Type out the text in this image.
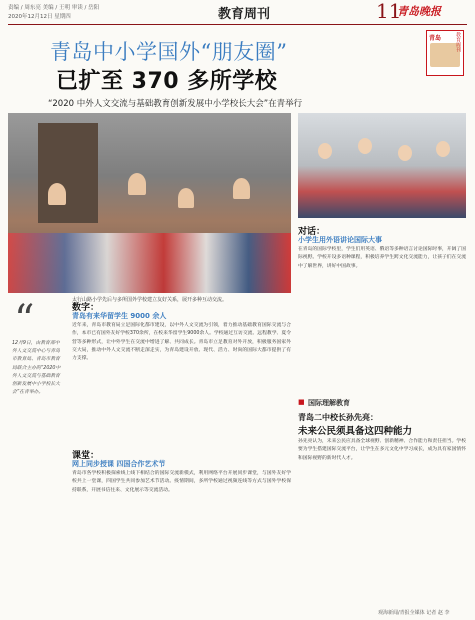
责编 / 周东亮 美编 / 王明 审读 / 岳阳
2020年12月12日 星期四	教育周刊	11
青岛晚报
青岛中小学国外“朋友圈”
已扩至 370 多所学校
“2020 中外人文交流与基础教育创新发展中小学校长大会”在青举行
青岛	教育周刊
太行山路小学先后与多所国外学校建立友好关系，展开多种互动交流。
“
12月9日，由教育部中外人文交流中心与青岛市教育局、青岛市教育局联合主办的“2020中外人文交流与基础教育创新发展中小学校长大会”在青举办。
数字：
青岛有来华留学生 9000 余人
近年来，青岛市教育局立足国际化都市建设，以中外人文交流为引领，着力推动基础教育国际交流与合作，本市已有国外友好学校370余所，在校来华留学生9000余人。学校通过互访交流、远程教学、夏令营等多种形式，让中外学生在交流中增进了解、共同成长。青岛市立足教育对外开放，积极服务国家外交大局，推动中外人文交流不断走深走实，为青岛建设开放、现代、活力、时尚的国际大都市提供了有力支撑。
课堂：
网上同步授课 四国合作艺术节
青岛市各学校积极探索线上线下相结合的国际交流新模式，利用网络平台开展同步课堂，与国外友好学校共上一堂课，四国学生共同参加艺术节活动。疫情期间，多所学校通过视频连线等方式与国外学校保持联系，开展书信往来、文化展示等交流活动。
对话：
小学生用外语讲论国际大事
在青岛的国际学校里，学生们用英语、俄语等多种语言讨论国际时事，开阔了国际视野。学校开设多语种课程，积极培养学生跨文化交流能力，让孩子们在交流中了解世界，讲好中国故事。
■ 国际理解教育
青岛二中校长孙先亮：
未来公民须具备这四种能力
孙先亮认为，未来公民应具备全球视野、创新精神、合作能力和责任担当。学校要为学生搭建国际交流平台，让学生在多元文化中学习成长，成为具有家国情怀和国际视野的新时代人才。
观海新闻/青报全媒体 记者 赵 李
